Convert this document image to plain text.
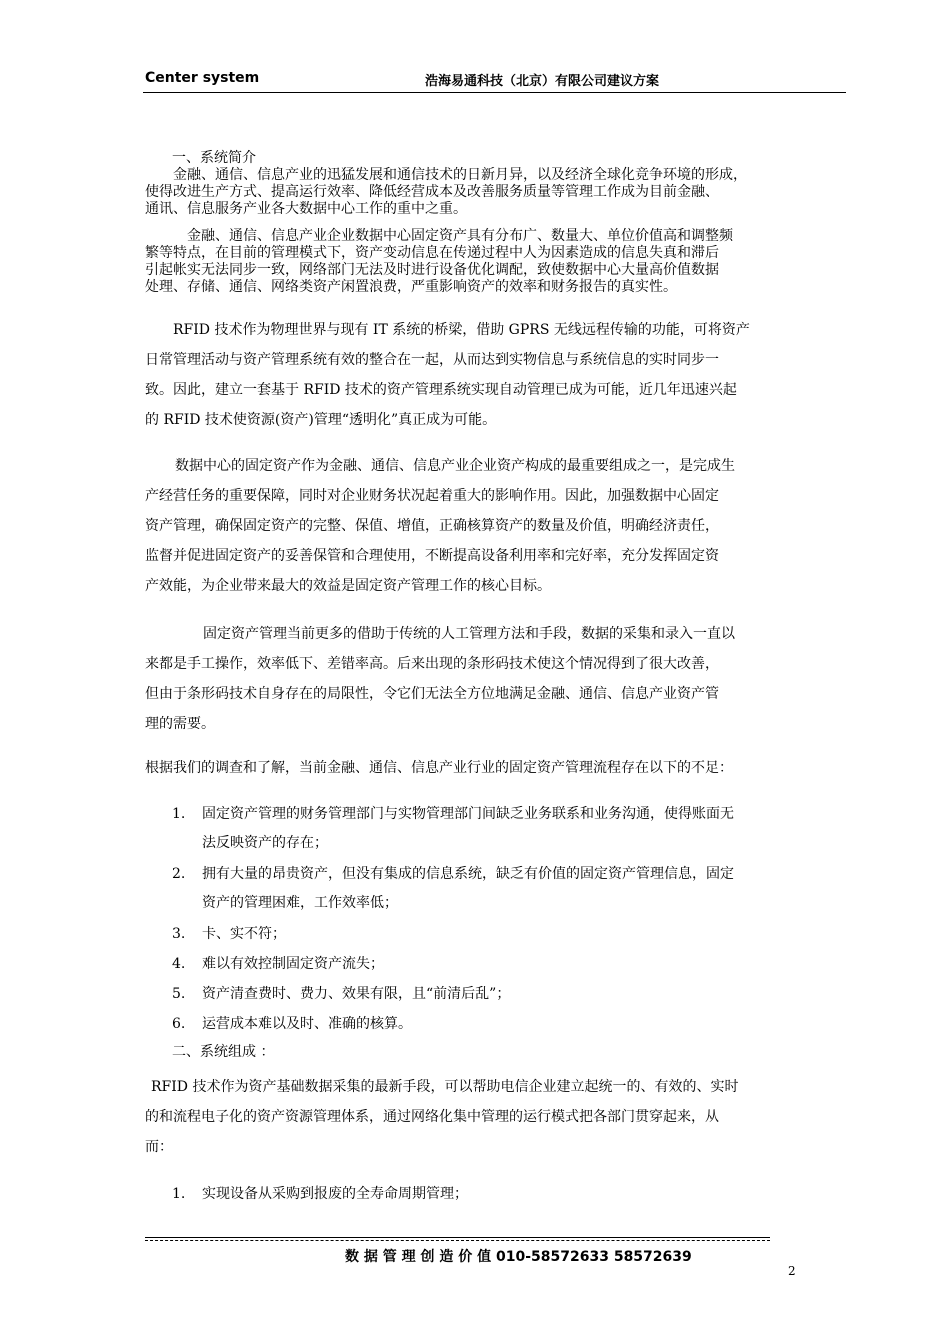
Center system	浩海易通科技（北京）有限公司建议方案
一、系统简介
金融、通信、信息产业的迅猛发展和通信技术的日新月异，以及经济全球化竞争环境的形成，
使得改进生产方式、提高运行效率、降低经营成本及改善服务质量等管理工作成为目前金融、
通讯、信息服务产业各大数据中心工作的重中之重。
金融、通信、信息产业企业数据中心固定资产具有分布广、数量大、单位价值高和调整频
繁等特点，在目前的管理模式下，资产变动信息在传递过程中人为因素造成的信息失真和滞后
引起帐实无法同步一致，网络部门无法及时进行设备优化调配，致使数据中心大量高价值数据
处理、存储、通信、网络类资产闲置浪费，严重影响资产的效率和财务报告的真实性。
RFID 技术作为物理世界与现有 IT 系统的桥梁，借助 GPRS 无线远程传输的功能，可将资产
日常管理活动与资产管理系统有效的整合在一起，从而达到实物信息与系统信息的实时同步一
致。因此，建立一套基于 RFID 技术的资产管理系统实现自动管理已成为可能，近几年迅速兴起
的 RFID 技术使资源(资产)管理“透明化”真正成为可能。
数据中心的固定资产作为金融、通信、信息产业企业资产构成的最重要组成之一，是完成生
产经营任务的重要保障，同时对企业财务状况起着重大的影响作用。因此，加强数据中心固定
资产管理，确保固定资产的完整、保值、增值，正确核算资产的数量及价值，明确经济责任，
监督并促进固定资产的妥善保管和合理使用，不断提高设备利用率和完好率，充分发挥固定资
产效能，为企业带来最大的效益是固定资产管理工作的核心目标。
固定资产管理当前更多的借助于传统的人工管理方法和手段，数据的采集和录入一直以
来都是手工操作，效率低下、差错率高。后来出现的条形码技术使这个情况得到了很大改善，
但由于条形码技术自身存在的局限性，令它们无法全方位地满足金融、通信、信息产业资产管
理的需要。
根据我们的调查和了解，当前金融、通信、信息产业行业的固定资产管理流程存在以下的不足：
1. 固定资产管理的财务管理部门与实物管理部门间缺乏业务联系和业务沟通，使得账面无
法反映资产的存在；
2. 拥有大量的昂贵资产，但没有集成的信息系统，缺乏有价值的固定资产管理信息，固定
资产的管理困难，工作效率低；
3. 卡、实不符；
4. 难以有效控制固定资产流失；
5. 资产清查费时、费力、效果有限，且“前清后乱”；
6. 运营成本难以及时、准确的核算。
二、系统组成 ：
RFID 技术作为资产基础数据采集的最新手段，可以帮助电信企业建立起统一的、有效的、实时
的和流程电子化的资产资源管理体系，通过网络化集中管理的运行模式把各部门贯穿起来，从
而：
1. 实现设备从采购到报废的全寿命周期管理；
数 据 管 理 创 造 价 值 010-58572633 58572639
2
